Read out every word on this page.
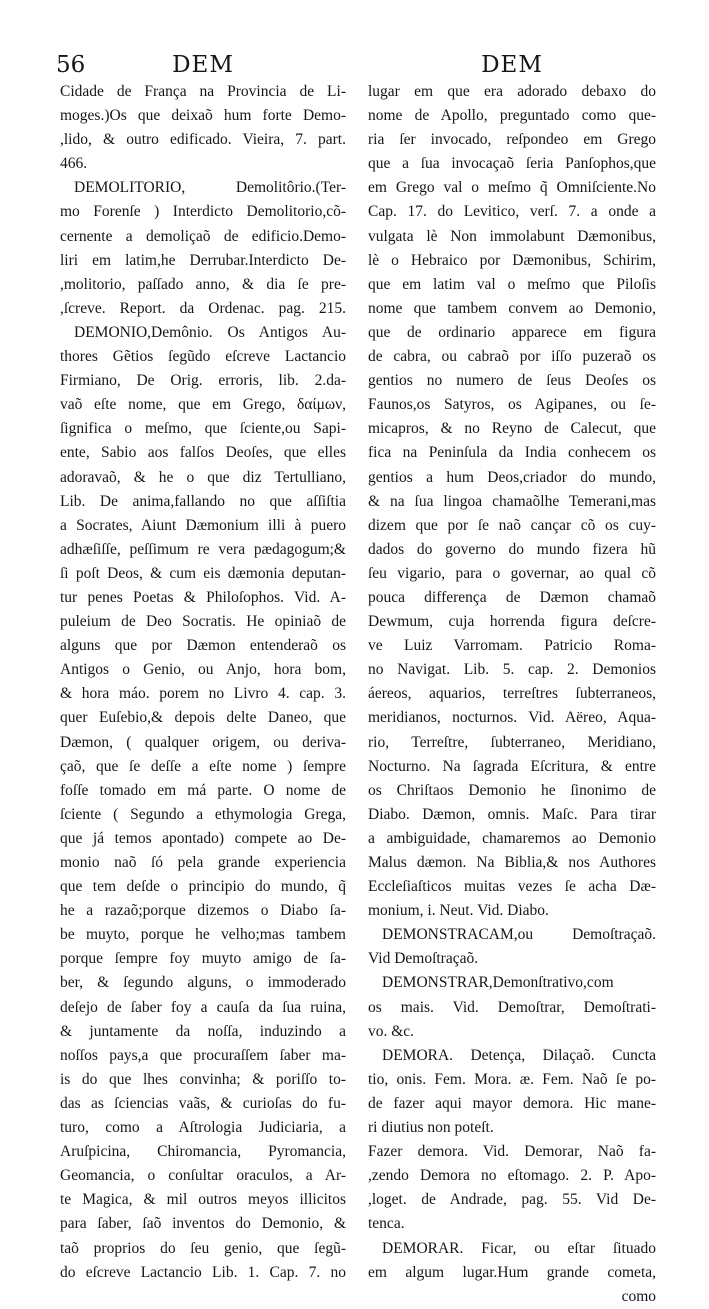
56	DEM
Cidade de França na Provincia de Li-
moges.)Os que deixaõ hum forte Demo-
,lido, & outro edificado. Vieira, 7. part.
466.
DEMOLITORIO, Demolitôrio.(Ter-
mo Forenſe ) Interdicto Demolitorio,cõ-
cernente a demoliçaõ de edificio.Demo-
liri em latim,he Derrubar.Interdicto De-
,molitorio, paſſado anno, & dia ſe pre-
,ſcreve. Report. da Ordenac. pag. 215.
DEMONIO,Demônio. Os Antigos Au-
thores Gẽtios ſegũdo eſcreve Lactancio
Firmiano, De Orig. erroris, lib. 2.da-
vaõ eſte nome, que em Grego, δαίμων,
ſignifica o meſmo, que ſciente,ou Sapi-
ente, Sabio aos falſos Deoſes, que elles
adoravaõ, & he o que diz Tertulliano,
Lib. De anima,fallando no que aſſiſtia
a Socrates, Aiunt Dæmonium illi à puero
adhæſiſſe, peſſimum re vera pædagogum;&
ſi poſt Deos, & cum eis dæmonia deputan-
tur penes Poetas & Philoſophos. Vid. A-
puleium de Deo Socratis. He opiniaõ de
alguns que por Dæmon entenderaõ os
Antigos o Genio, ou Anjo, hora bom,
& hora máo. porem no Livro 4. cap. 3.
quer Euſebio,& depois delte Daneo, que
Dæmon, ( qualquer origem, ou deriva-
çaõ, que ſe deſſe a eſte nome ) ſempre
foſſe tomado em má parte. O nome de
ſciente ( Segundo a ethymologia Grega,
que já temos apontado) compete ao De-
monio naõ ſó pela grande experiencia
que tem deſde o principio do mundo, q̃
he a razaõ;porque dizemos o Diabo ſa-
be muyto, porque he velho;mas tambem
porque ſempre foy muyto amigo de ſa-
ber, & ſegundo alguns, o immoderado
deſejo de ſaber foy a cauſa da ſua ruina,
& juntamente da noſſa, induzindo a
noſſos pays,a que procuraſſem ſaber ma-
is do que lhes convinha; & poriſſo to-
das as ſciencias vaãs, & curioſas do fu-
turo, como a Aſtrologia Judiciaria, a
Aruſpicina, Chiromancia, Pyromancia,
Geomancia, o conſultar oraculos, a Ar-
te Magica, & mil outros meyos illicitos
para ſaber, ſaõ inventos do Demonio, &
taõ proprios do ſeu genio, que ſegũ-
do eſcreve Lactancio Lib. 1. Cap. 7. no
DEM
lugar em que era adorado debaxo do
nome de Apollo, preguntado como que-
ria ſer invocado, reſpondeo em Grego
que a ſua invocaçaõ ſeria Panſophos,que
em Grego val o meſmo q̃ Omniſciente.No
Cap. 17. do Levitico, verſ. 7. a onde a
vulgata lè Non immolabunt Dæmonibus,
lè o Hebraico por Dæmonibus, Schirim,
que em latim val o meſmo que Piloſis
nome que tambem convem ao Demonio,
que de ordinario apparece em figura
de cabra, ou cabraõ por iſſo puzeraõ os
gentios no numero de ſeus Deoſes os
Faunos,os Satyros, os Agipanes, ou ſe-
micapros, & no Reyno de Calecut, que
fica na Peninſula da India conhecem os
gentios a hum Deos,criador do mundo,
& na ſua lingoa chamaõlhe Temerani,mas
dizem que por ſe naõ cançar cõ os cuy-
dados do governo do mundo fizera hũ
ſeu vigario, para o governar, ao qual cõ
pouca differença de Dæmon chamaõ
Dewmum, cuja horrenda figura deſcre-
ve Luiz Varromam. Patricio Roma-
no Navigat. Lib. 5. cap. 2. Demonios
áereos, aquarios, terreſtres ſubterraneos,
meridianos, nocturnos. Vid. Aëreo, Aqua-
rio, Terreſtre, ſubterraneo, Meridiano,
Nocturno. Na ſagrada Eſcritura, & entre
os Chriſtaos Demonio he ſinonimo de
Diabo. Dæmon, omnis. Maſc. Para tirar
a ambiguidade, chamaremos ao Demonio
Malus dæmon. Na Biblia,& nos Authores
Eccleſiaſticos muitas vezes ſe acha Dæ-
monium, i. Neut. Vid. Diabo.
DEMONSTRACAM,ou Demoſtraçaõ.
Vid Demoſtraçaõ.
DEMONSTRAR,Demonſtrativo,com
os mais. Vid. Demoſtrar, Demoſtrati-
vo. &c.
DEMORA. Detença, Dilaçaõ. Cuncta
tio, onis. Fem. Mora. æ. Fem. Naõ ſe po-
de fazer aqui mayor demora. Hic mane-
ri diutius non poteſt.
Fazer demora. Vid. Demorar, Naõ fa-
,zendo Demora no eſtomago. 2. P. Apo-
,loget. de Andrade, pag. 55. Vid De-
tenca.
DEMORAR. Ficar, ou eſtar ſituado
em algum lugar.Hum grande cometa,
como
